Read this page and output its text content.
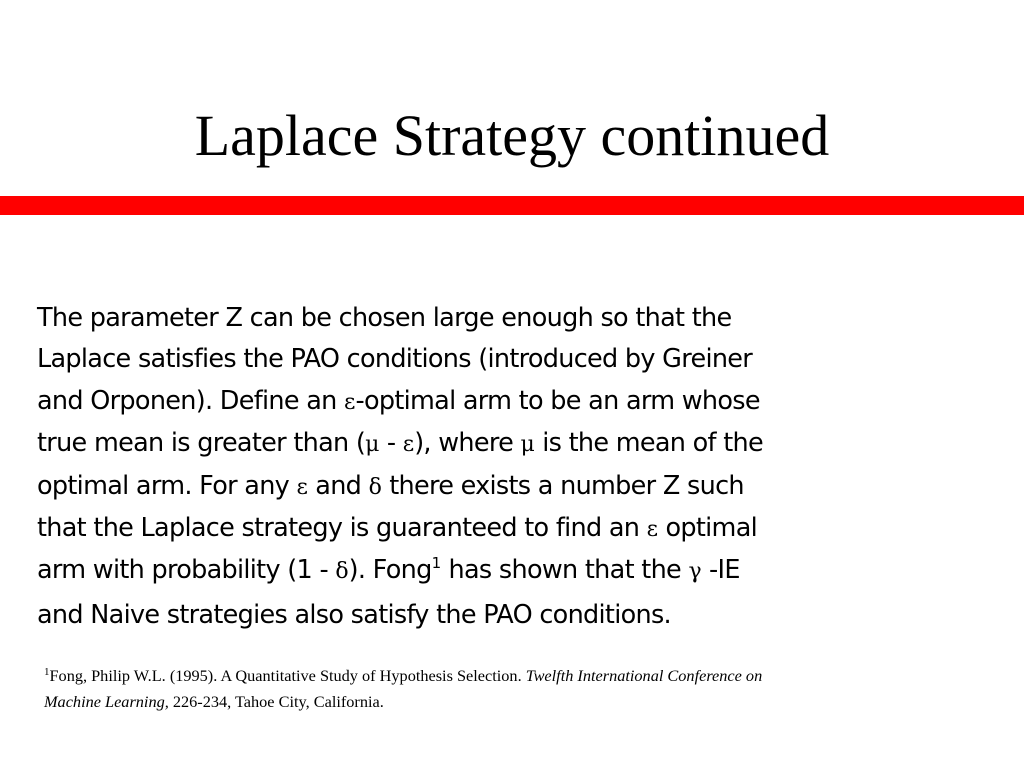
Laplace Strategy continued
The parameter Z can be chosen large enough so that the
Laplace satisfies the PAO conditions (introduced by Greiner
and Orponen). Define an ε-optimal arm to be an arm whose
true mean is greater than (μ - ε), where μ is the mean of the
optimal arm. For any ε and δ there exists a number Z such
that the Laplace strategy is guaranteed to find an ε optimal
arm with probability (1 - δ). Fong$^1$ has shown that the γ -IE
and Naive strategies also satisfy the PAO conditions.
$^1$Fong, Philip W.L. (1995). A Quantitative Study of Hypothesis Selection. Twelfth International Conference on
Machine Learning, 226-234, Tahoe City, California.
